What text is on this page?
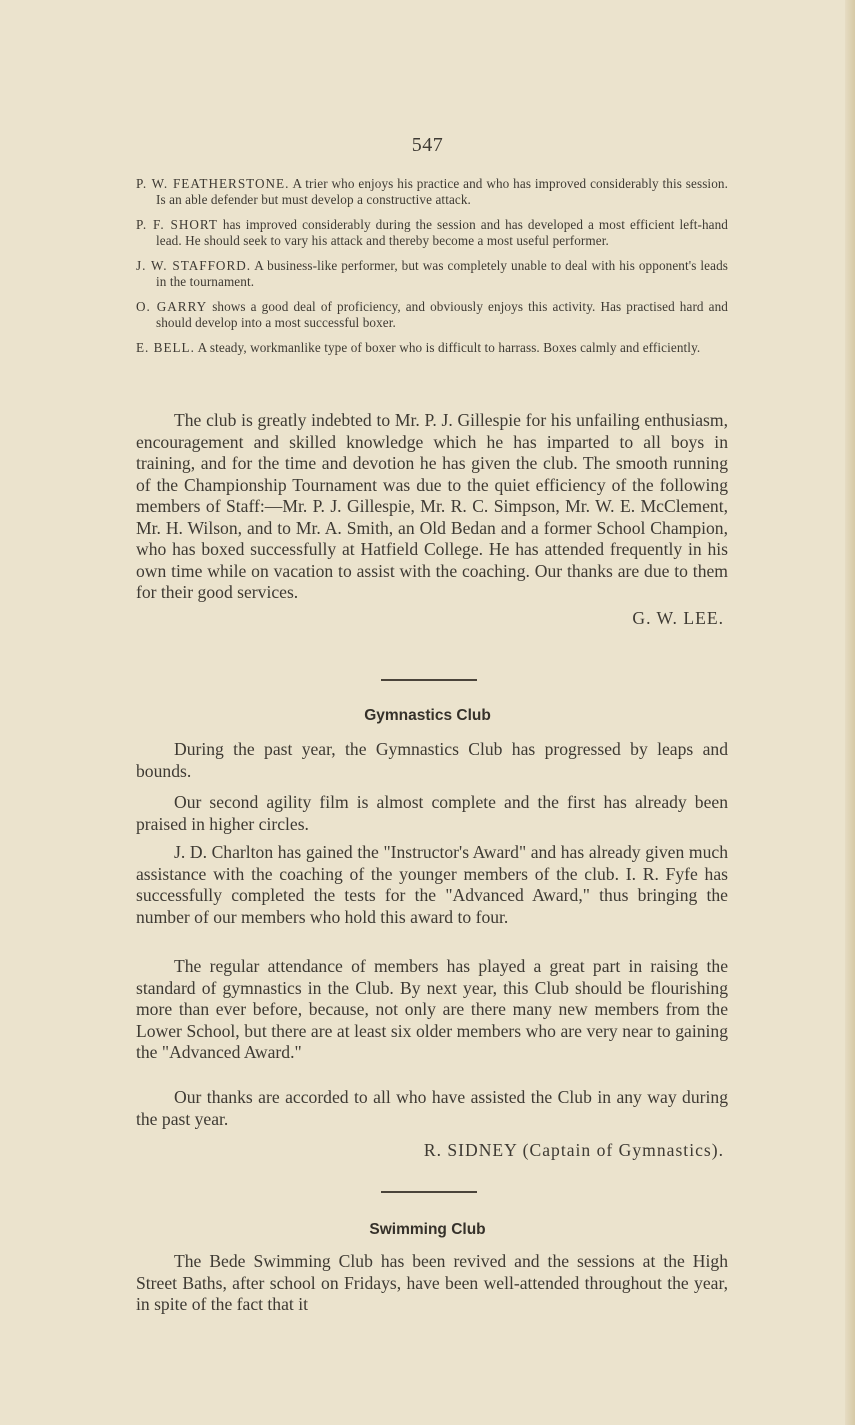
547

P. W. FEATHERSTONE. A trier who enjoys his practice and who has improved considerably this session. Is an able defender but must develop a constructive attack.

P. F. SHORT has improved considerably during the session and has developed a most efficient left-hand lead. He should seek to vary his attack and thereby become a most useful performer.

J. W. STAFFORD. A business-like performer, but was completely unable to deal with his opponent's leads in the tournament.

O. GARRY shows a good deal of proficiency, and obviously enjoys this activity. Has practised hard and should develop into a most successful boxer.

E. BELL. A steady, workmanlike type of boxer who is difficult to harrass. Boxes calmly and efficiently.

The club is greatly indebted to Mr. P. J. Gillespie for his unfailing enthusiasm, encouragement and skilled knowledge which he has imparted to all boys in training, and for the time and devotion he has given the club. The smooth running of the Championship Tournament was due to the quiet efficiency of the following members of Staff:—Mr. P. J. Gillespie, Mr. R. C. Simpson, Mr. W. E. McClement, Mr. H. Wilson, and to Mr. A. Smith, an Old Bedan and a former School Champion, who has boxed successfully at Hatfield College. He has attended frequently in his own time while on vacation to assist with the coaching. Our thanks are due to them for their good services.

G. W. LEE.

Gymnastics Club

During the past year, the Gymnastics Club has progressed by leaps and bounds.

Our second agility film is almost complete and the first has already been praised in higher circles.

J. D. Charlton has gained the "Instructor's Award" and has already given much assistance with the coaching of the younger members of the club. I. R. Fyfe has successfully completed the tests for the "Advanced Award," thus bringing the number of our members who hold this award to four.

The regular attendance of members has played a great part in raising the standard of gymnastics in the Club. By next year, this Club should be flourishing more than ever before, because, not only are there many new members from the Lower School, but there are at least six older members who are very near to gaining the "Advanced Award."

Our thanks are accorded to all who have assisted the Club in any way during the past year.

R. SIDNEY (Captain of Gymnastics).

Swimming Club

The Bede Swimming Club has been revived and the sessions at the High Street Baths, after school on Fridays, have been well-attended throughout the year, in spite of the fact that it
